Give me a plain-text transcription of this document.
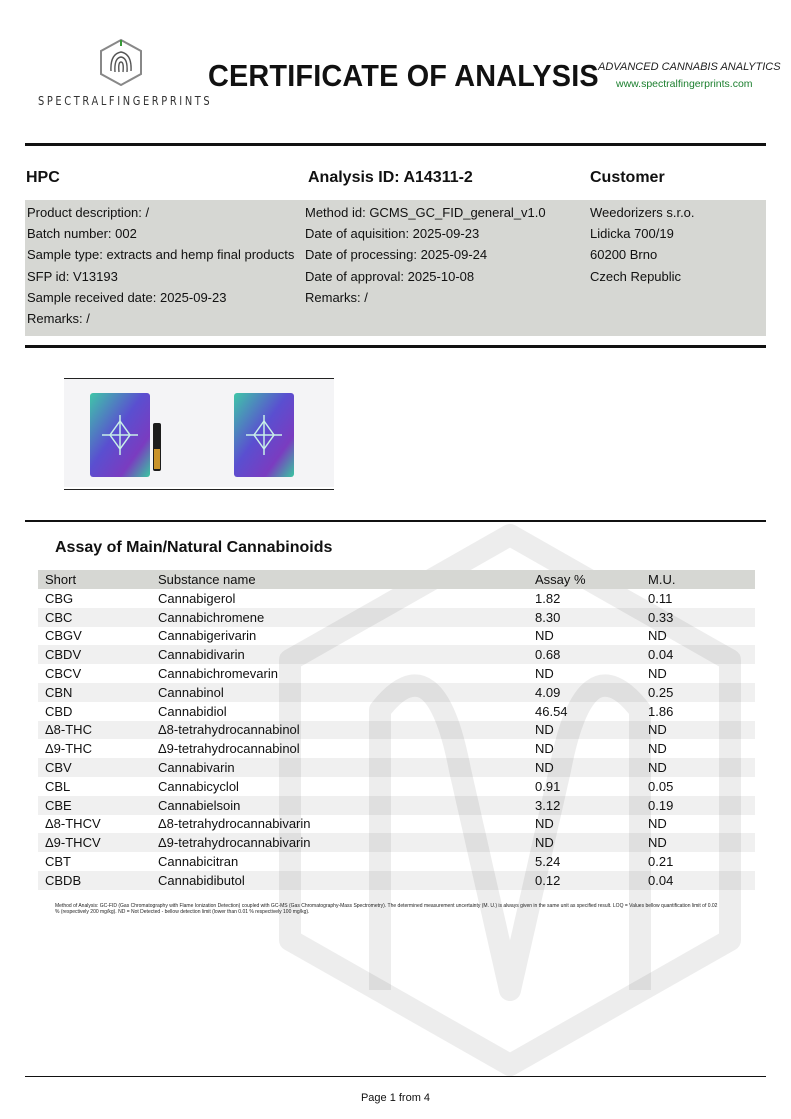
SPECTRALFINGERPRINTS
CERTIFICATE OF ANALYSIS ADVANCED CANNABIS ANALYTICS
www.spectralfingerprints.com
HPC	Analysis ID: A14311-2	Customer
Product description: /
Batch number: 002
Sample type: extracts and hemp final products
SFP id: V13193
Sample received date: 2025-09-23
Remarks: /
Method id: GCMS_GC_FID_general_v1.0
Date of aquisition: 2025-09-23
Date of processing: 2025-09-24
Date of approval: 2025-10-08
Remarks: /
Weedorizers s.r.o.
Lidicka 700/19
60200 Brno
Czech Republic
Assay of Main/Natural Cannabinoids
Short	Substance name	Assay %	M.U.
CBG	Cannabigerol	1.82	0.11
CBC	Cannabichromene	8.30	0.33
CBGV	Cannabigerivarin	ND	ND
CBDV	Cannabidivarin	0.68	0.04
CBCV	Cannabichromevarin	ND	ND
CBN	Cannabinol	4.09	0.25
CBD	Cannabidiol	46.54	1.86
Δ8-THC	Δ8-tetrahydrocannabinol	ND	ND
Δ9-THC	Δ9-tetrahydrocannabinol	ND	ND
CBV	Cannabivarin	ND	ND
CBL	Cannabicyclol	0.91	0.05
CBE	Cannabielsoin	3.12	0.19
Δ8-THCV	Δ8-tetrahydrocannabivarin	ND	ND
Δ9-THCV	Δ9-tetrahydrocannabivarin	ND	ND
CBT	Cannabicitran	5.24	0.21
CBDB	Cannabidibutol	0.12	0.04
Method of Analysis: GC-FID (Gas Chromatography with Flame Ionization Detection) coupled with GC-MS (Gas Chromatography-Mass Spectrometry). The determined measurement uncertainty (M. U.) is always given in the same unit as specified result. LOQ = Values bellow quantification limit of 0.02 % (respectively 200 mg/kg). ND = Not Detected - bellow detection limit (lower than 0.01 % respectively 100 mg/kg).
Page 1 from 4
